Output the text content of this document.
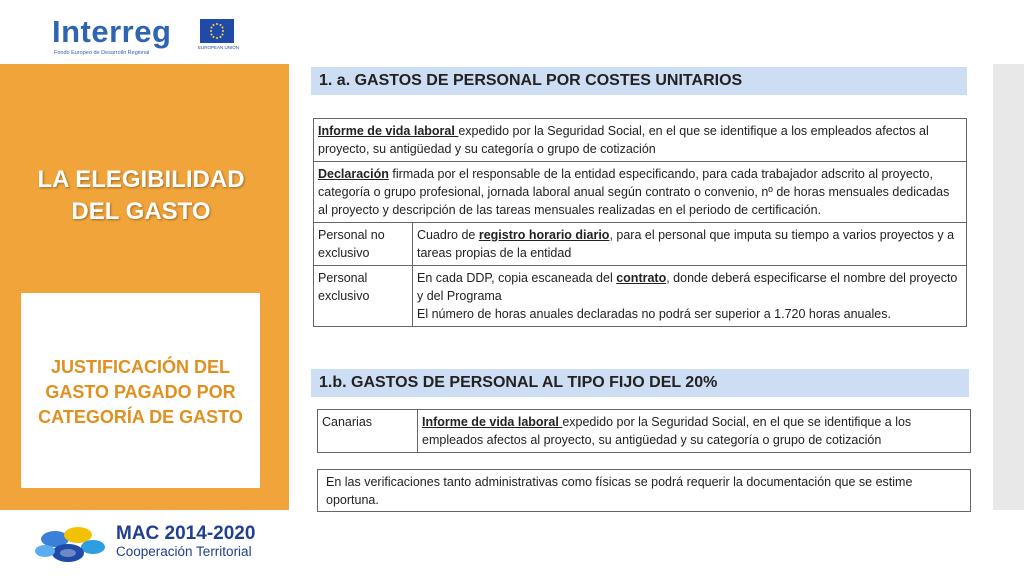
Interreg
Fondo Europeo de Desarrollo Regional
EUROPEAN UNION
LA ELEGIBILIDAD
DEL GASTO
JUSTIFICACIÓN DEL
GASTO PAGADO POR
CATEGORÍA DE GASTO
1. a. GASTOS DE PERSONAL POR COSTES UNITARIOS
Informe de vida laboral expedido por la Seguridad Social, en el que se identifique a los empleados afectos al proyecto, su antigüedad y su categoría o grupo de cotización	
Declaración firmada por el responsable de la entidad especificando, para cada trabajador adscrito al proyecto, categoría o grupo profesional, jornada laboral anual según contrato o convenio, nº de horas mensuales dedicadas al proyecto y descripción de las tareas mensuales realizadas en el periodo de certificación.	
Personal no exclusivo	Cuadro de registro horario diario, para el personal que imputa su tiempo a varios proyectos y a tareas propias de la entidad
Personal exclusivo	En cada DDP, copia escaneada del contrato, donde deberá especificarse el nombre del proyecto y del Programa
El número de horas anuales declaradas no podrá ser superior a 1.720 horas anuales.
1.b. GASTOS DE PERSONAL AL TIPO FIJO DEL 20%
Canarias	Informe de vida laboral expedido por la Seguridad Social, en el que se identifique a los empleados afectos al proyecto, su antigüedad y su categoría o grupo de cotización
En las verificaciones tanto administrativas como físicas se podrá requerir la documentación que se estime oportuna.
MAC 2014-2020
Cooperación Territorial
